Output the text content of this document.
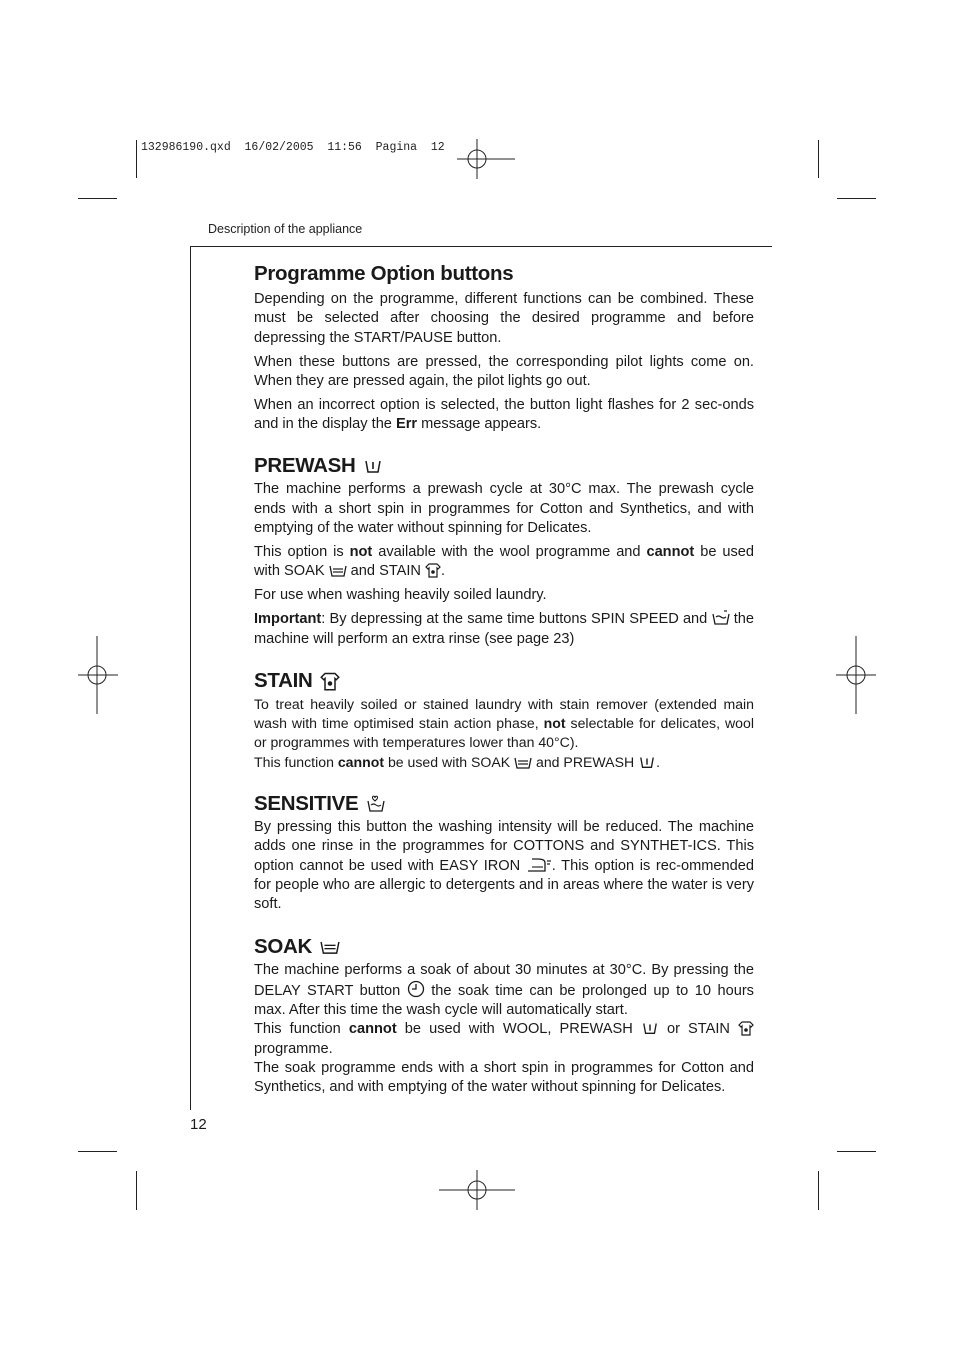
132986190.qxd  16/02/2005  11:56  Pagina  12
Description of the appliance
12
Programme Option buttons

Depending on the programme, different functions can be combined. These must be selected after choosing the desired programme and before depressing the START/PAUSE button.

When these buttons are pressed, the corresponding pilot lights come on. When they are pressed again, the pilot lights go out.

When an incorrect option is selected, the button light flashes for 2 sec-onds and in the display the Err message appears.

PREWASH

The machine performs a prewash cycle at 30°C max. The prewash cycle ends with a short spin in programmes for Cotton and Synthetics, and with emptying of the water without spinning for Delicates.

This option is not available with the wool programme and cannot be used with SOAK  and STAIN .

For use when washing heavily soiled laundry.

Important: By depressing at the same time buttons SPIN SPEED and  the machine will perform an extra rinse (see page 23)

STAIN

To treat heavily soiled or stained laundry with stain remover (extended main wash with time optimised stain action phase, not selectable for delicates, wool or programmes with temperatures lower than 40°C).

This function cannot be used with SOAK  and PREWASH .

SENSITIVE

By pressing this button the washing intensity will be reduced. The machine adds one rinse in the programmes for COTTONS and SYNTHET-ICS. This option cannot be used with EASY IRON . This option is rec-ommended for people who are allergic to detergents and in areas where the water is very soft.

SOAK

The machine performs a soak of about 30 minutes at 30°C. By pressing the DELAY START button  the soak time can be prolonged up to 10 hours max. After this time the wash cycle will automatically start.

This function cannot be used with WOOL, PREWASH  or STAIN  programme.

The soak programme ends with a short spin in programmes for Cotton and Synthetics, and with emptying of the water without spinning for Delicates.
